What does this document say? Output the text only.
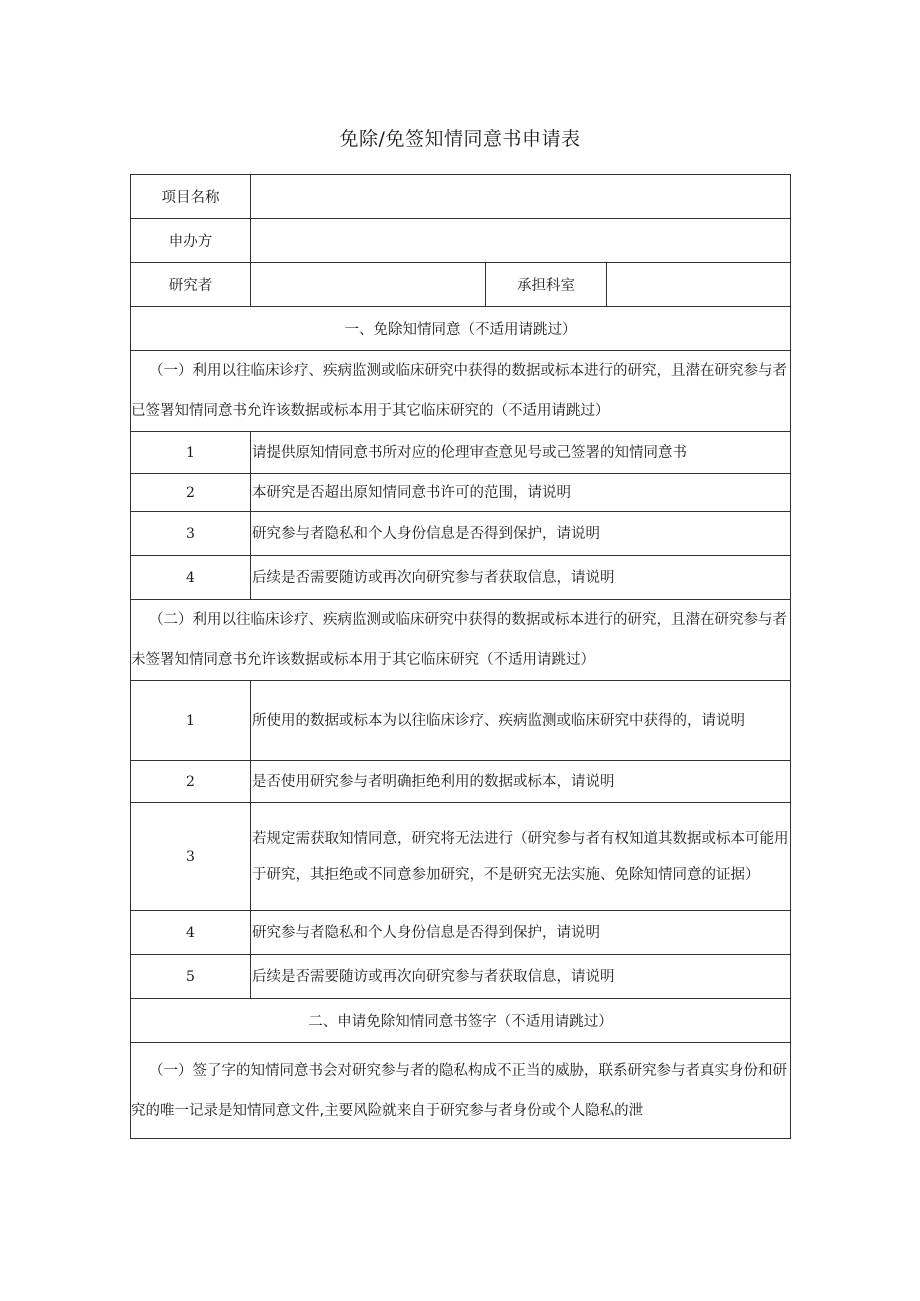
免除/免签知情同意书申请表
项目名称			
申办方			
研究者		承担科室	
一、免除知情同意（不适用请跳过）			
（一）利用以往临床诊疗、疾病监测或临床研究中获得的数据或标本进行的研究，且潜在研究参与者已签署知情同意书允许该数据或标本用于其它临床研究的（不适用请跳过）			
1	请提供原知情同意书所对应的伦理审查意见号或己签署的知情同意书		
2	本研究是否超出原知情同意书许可的范围，请说明		
3	研究参与者隐私和个人身份信息是否得到保护，请说明		
4	后续是否需要随访或再次向研究参与者获取信息，请说明		
（二）利用以往临床诊疗、疾病监测或临床研究中获得的数据或标本进行的研究，且潜在研究参与者未签署知情同意书允许该数据或标本用于其它临床研究（不适用请跳过）			
1	所使用的数据或标本为以往临床诊疗、疾病监测或临床研究中获得的，请说明		
2	是否使用研究参与者明确拒绝利用的数据或标本，请说明		
3	若规定需获取知情同意，研究将无法进行（研究参与者有权知道其数据或标本可能用于研究，其拒绝或不同意参加研究，不是研究无法实施、免除知情同意的证据）		
4	研究参与者隐私和个人身份信息是否得到保护，请说明		
5	后续是否需要随访或再次向研究参与者获取信息，请说明		
二、申请免除知情同意书签字（不适用请跳过）			
（一）签了字的知情同意书会对研究参与者的隐私构成不正当的威胁，联系研究参与者真实身份和研究的唯一记录是知情同意文件,主要风险就来自于研究参与者身份或个人隐私的泄			
